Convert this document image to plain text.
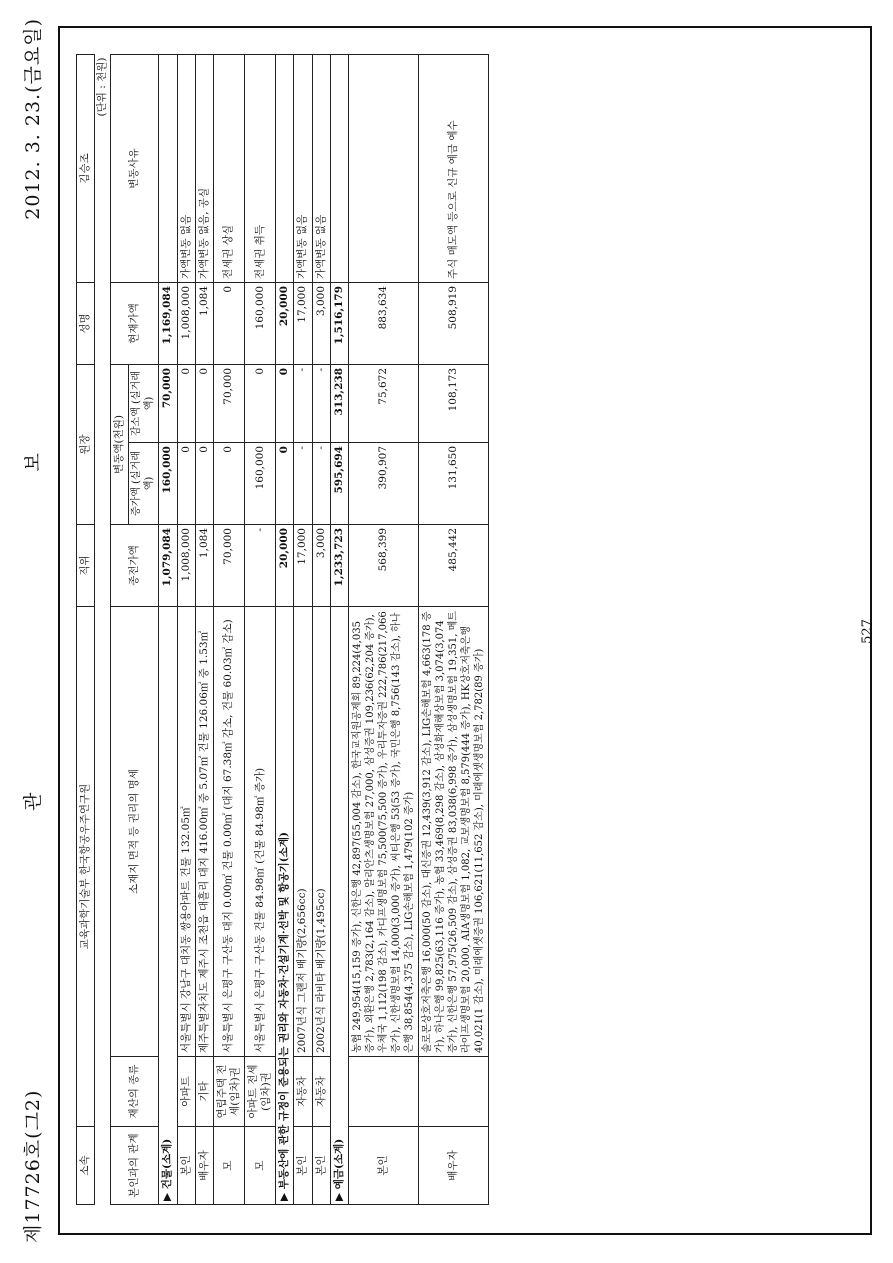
제17726호(그2)
관보
2012. 3. 23.(금요일)
소속	교육과학기술부 한국항공우주연구원		직위	원장		성명	김승조
(단위 : 천원)							
본인과의 관계	재산의 종류	소재지 면적 등 권리의 명세	종전가액	변동액(천원)		현재가액	변동사유
				증가액 (실거래액)	감소액 (실거래액)		
▶ 건물(소계)			1,079,084	160,000	70,000	1,169,084	
본인	아파트	서울특별시 강남구 대치동 쌍용아파트 건물 132.05㎡	1,008,000	0	0	1,008,000	가액변동 없음
배우자	기타	제주특별자치도 제주시 조천읍 대흘리 대지 416.00㎡ 중 5.07㎡ 건물 126.06㎡ 중 1.53㎡	1,084	0	0	1,084	가액변동 없음, 공실
모	연립주택 전세(임차)권	서울특별시 은평구 구산동 대지 0.00㎡ 건물 0.00㎡ (대지 67.38㎡ 감소, 건물 60.03㎡ 감소)	70,000	0	70,000	0	전세권 상실
모	아파트 전세(임차)권	서울특별시 은평구 구산동 건물 84.98㎡ (건물 84.98㎡ 증가)	-	160,000	0	160,000	전세권 취득
▶ 부동산에 관한 규정이 준용되는 권리와 자동차·건설기계·선박 및 항공기(소계)			20,000	0	0	20,000	
본인	자동차	2007년식 그랜저 배기량(2,656cc)	17,000	-	-	17,000	가액변동 없음
본인	자동차	2002년식 라비타 배기량(1,495cc)	3,000	-	-	3,000	가액변동 없음
▶ 예금(소계)			1,233,723	595,694	313,238	1,516,179	
본인		농협 249,954(15,159 증가), 신한은행 42,897(55,004 감소), 한국교직원공제회 89,224(4,035 증가), 외환은행 2,783(2,164 감소), 알리안츠생명보험 27,000, 삼성증권 109,236(62,204 증가), 우체국 1,112(198 감소), 카디프생명보험 75,500(75,500 증가), 우리투자증권 222,786(217,066 증가), 신한생명보험 14,000(3,000 증가), 씨티은행 53(53 증가), 국민은행 8,756(143 감소), 하나은행 38,854(4,375 감소), LIG손해보험 1,479(102 증가)	568,399	390,907	75,672	883,634	
배우자		솔로몬상호저축은행 16,000(50 감소), 대신증권 12,439(3,912 감소), LIG손해보험 4,663(178 증가), 하나은행 99,825(63,116 증가), 농협 33,469(8,298 감소), 삼성화재해상보험 3,074(3,074 증가), 신한은행 57,975(26,509 감소), 삼성증권 83,038(6,998 증가), 삼성생명보험 19,351, 메트라이프생명보험 20,000, AIA생명보험 1,082, 교보생명보험 8,579(444 증가), HK상호저축은행 40,021(1 감소), 미래에셋증권 106,621(11,652 감소), 미래에셋생명보험 2,782(89 증가)	485,442	131,650	108,173	508,919	주식 매도액 등으로 신규 예금 예수
527
